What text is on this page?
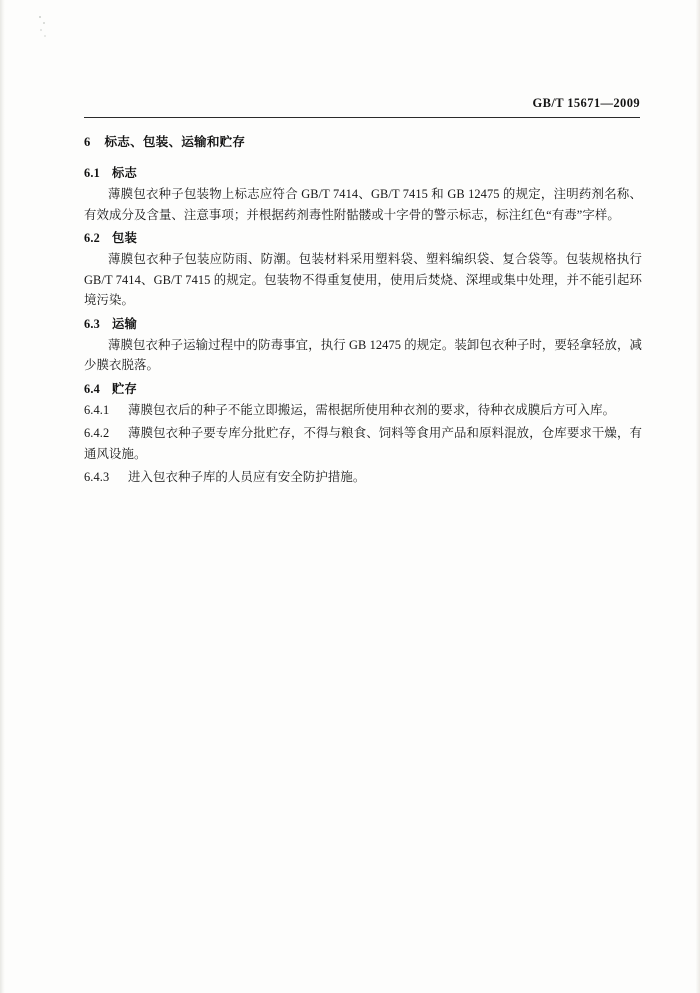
GB/T 15671—2009
6 标志、包装、运输和贮存
6.1 标志

薄膜包衣种子包装物上标志应符合 GB/T 7414、GB/T 7415 和 GB 12475 的规定，注明药剂名称、有效成分及含量、注意事项；并根据药剂毒性附骷髅或十字骨的警示标志，标注红色“有毒”字样。

6.2 包装

薄膜包衣种子包装应防雨、防潮。包装材料采用塑料袋、塑料编织袋、复合袋等。包装规格执行 GB/T 7414、GB/T 7415 的规定。包装物不得重复使用，使用后焚烧、深埋或集中处理，并不能引起环境污染。

6.3 运输

薄膜包衣种子运输过程中的防毒事宜，执行 GB 12475 的规定。装卸包衣种子时，要轻拿轻放，减少膜衣脱落。

6.4 贮存

6.4.1 薄膜包衣后的种子不能立即搬运，需根据所使用种衣剂的要求，待种衣成膜后方可入库。

6.4.2 薄膜包衣种子要专库分批贮存，不得与粮食、饲料等食用产品和原料混放，仓库要求干燥，有通风设施。

6.4.3 进入包衣种子库的人员应有安全防护措施。
